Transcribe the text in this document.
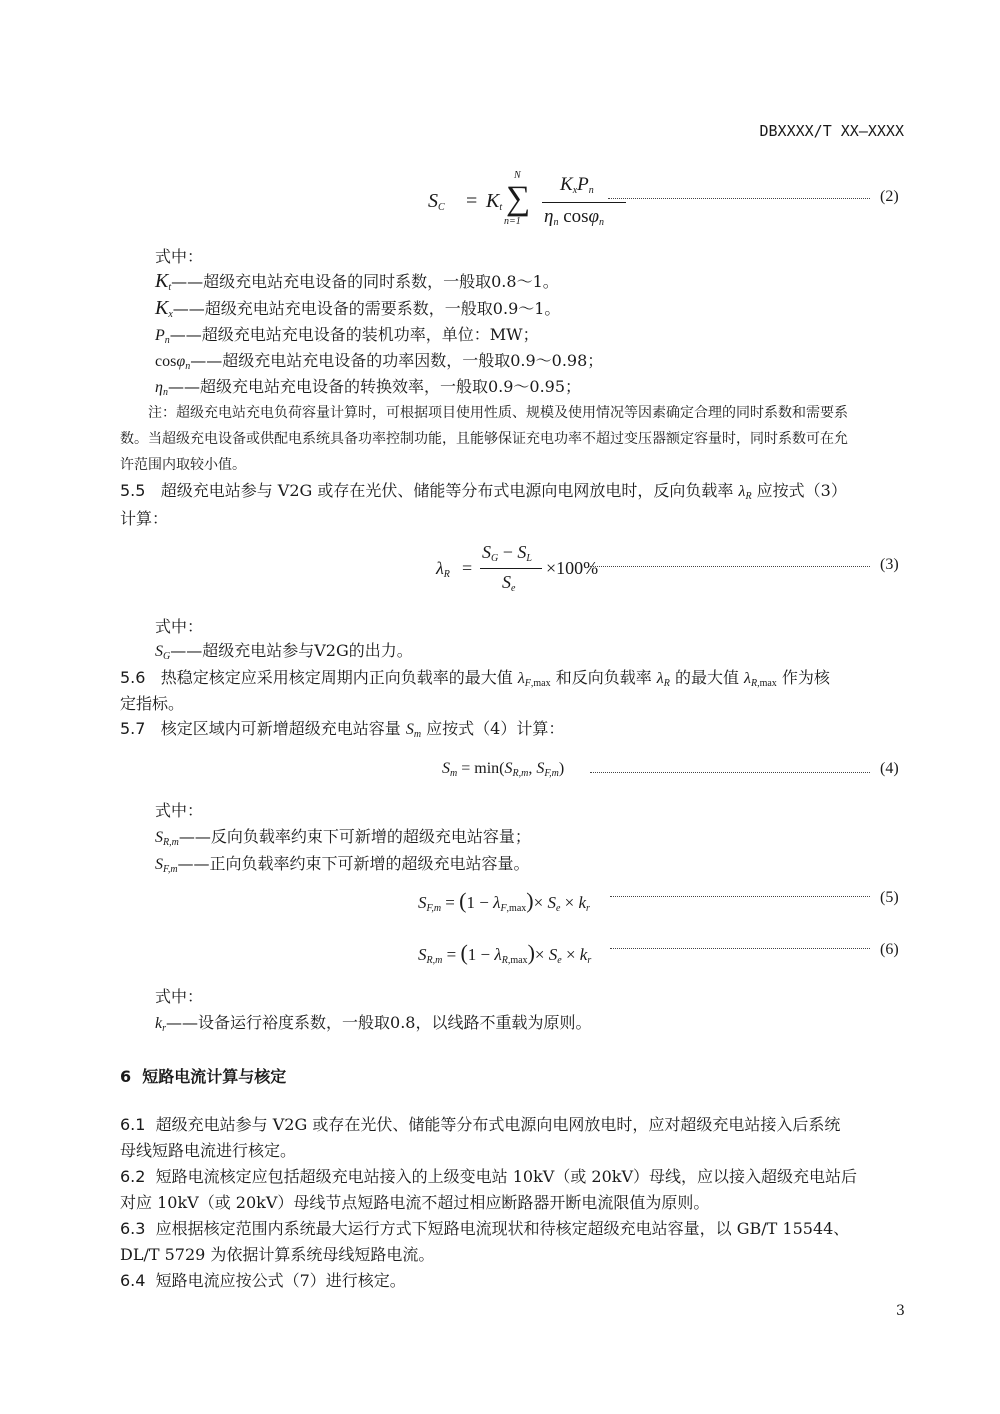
DBXXXX/T XX—XXXX
$S_C = K_t$
N
∑
n=1
$K_xP_n$
$\eta_n$ cosφ$_n$
(2)
式中：
$K_t——$超级充电站充电设备的同时系数，一般取0.8～1。
$K_x——$超级充电站充电设备的需要系数，一般取0.9～1。
$P_n——$超级充电站充电设备的装机功率，单位：MW；
cosφ$_n$——超级充电站充电设备的功率因数，一般取0.9～0.98；
$\eta_n——$超级充电站充电设备的转换效率，一般取0.9～0.95；
注：超级充电站充电负荷容量计算时，可根据项目使用性质、规模及使用情况等因素确定合理的同时系数和需要系
数。当超级充电设备或供配电系统具备功率控制功能，且能够保证充电功率不超过变压器额定容量时，同时系数可在允
许范围内取较小值。
5.5 超级充电站参与 V2G 或存在光伏、储能等分布式电源向电网放电时，反向负载率 $\lambda_R$ 应按式（3）
计算：
$\lambda_R$ =
$S_G - S_L$
$S_e$
×100%	(3)
式中：
$S_G——$超级充电站参与V2G的出力。
5.6 热稳定核定应采用核定周期内正向负载率的最大值 $\lambda_{F,max}$ 和反向负载率 $\lambda_R$ 的最大值 $\lambda_{R,max}$ 作为核
定指标。
5.7 核定区域内可新增超级充电站容量 $S_m$ 应按式（4）计算：
$S_m = \min(S_{R,m}$, $S_{F,m}$)	(4)
式中：
$S_{R,m}——$反向负载率约束下可新增的超级充电站容量；
$S_{F,m}——$正向负载率约束下可新增的超级充电站容量。
$S_{F,m} = (1 - \lambda_{F,max})\times S_e \times k_r$
(5)
$S_{R,m} = (1 - \lambda_{R,max})\times S_e \times k_r$
(6)
式中：
$k_r——$设备运行裕度系数，一般取0.8，以线路不重载为原则。
6 短路电流计算与核定
6.1 超级充电站参与 V2G 或存在光伏、储能等分布式电源向电网放电时，应对超级充电站接入后系统
母线短路电流进行核定。
6.2 短路电流核定应包括超级充电站接入的上级变电站 10kV（或 20kV）母线，应以接入超级充电站后
对应 10kV（或 20kV）母线节点短路电流不超过相应断路器开断电流限值为原则。
6.3 应根据核定范围内系统最大运行方式下短路电流现状和待核定超级充电站容量，以 GB/T 15544、
DL/T 5729 为依据计算系统母线短路电流。
6.4 短路电流应按公式（7）进行核定。
3
